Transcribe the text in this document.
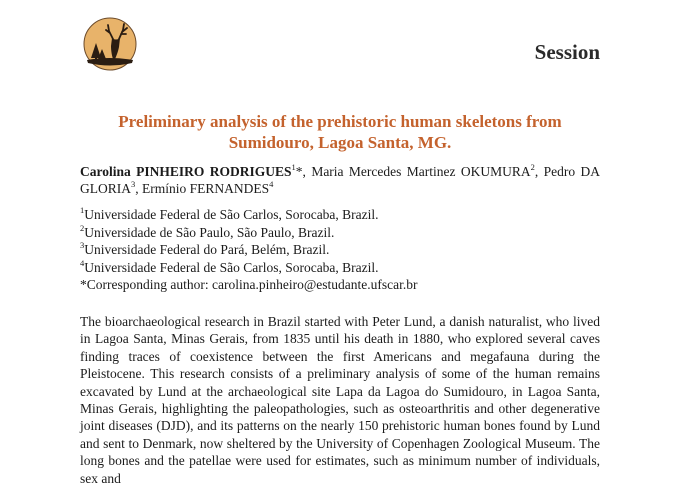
Session
Preliminary analysis of the prehistoric human skeletons from
Sumidouro, Lagoa Santa, MG.
Carolina PINHEIRO RODRIGUES$^1$*, Maria Mercedes Martinez OKUMURA$^2$, Pedro DA GLORIA$^3$, Ermínio FERNANDES$^4$
$^1$Universidade Federal de São Carlos, Sorocaba, Brazil.
$^2$Universidade de São Paulo, São Paulo, Brazil.
$^3$Universidade Federal do Pará, Belém, Brazil.
$^4$Universidade Federal de São Carlos, Sorocaba, Brazil.
*Corresponding author: carolina.pinheiro@estudante.ufscar.br

The bioarchaeological research in Brazil started with Peter Lund, a danish naturalist, who lived in Lagoa Santa, Minas Gerais, from 1835 until his death in 1880, who explored several caves finding traces of coexistence between the first Americans and megafauna during the Pleistocene. This research consists of a preliminary analysis of some of the human remains excavated by Lund at the archaeological site Lapa da Lagoa do Sumidouro, in Lagoa Santa, Minas Gerais, highlighting the paleopathologies, such as osteoarthritis and other degenerative joint diseases (DJD), and its patterns on the nearly 150 prehistoric human bones found by Lund and sent to Denmark, now sheltered by the University of Copenhagen Zoological Museum. The long bones and the patellae were used for estimates, such as minimum number of individuals, sex and
